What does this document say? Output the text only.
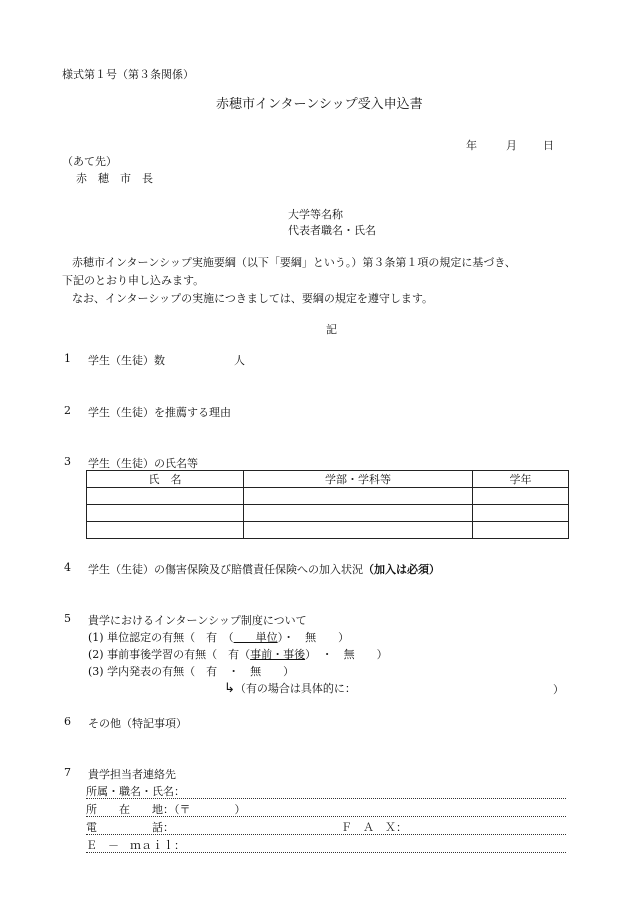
様式第１号（第３条関係）
赤穂市インターンシップ受入申込書
年	月 日
（あて先）
赤　穂　市　長
大学等名称
代表者職名・氏名
赤穂市インターンシップ実施要綱（以下「要綱」という。）第３条第１項の規定に基づき、
下記のとおり申し込みます。
なお、インターシップの実施につきましては、要綱の規定を遵守します。
記
1 学生（生徒）数	人
2 学生（生徒）を推薦する理由
3 学生（生徒）の氏名等
氏　名	学部・学科等	学年

4 学生（生徒）の傷害保険及び賠償責任保険への加入状況（加入は必須）
5 貴学におけるインターンシップ制度について
(1) 単位認定の有無（　有　（　　単位）・　無　　）
(2) 事前事後学習の有無（　有（事前・事後）　・　無　　）
(3) 学内発表の有無（　有　・　無　　）
↳（有の場合は具体的に：	）
6 その他（特記事項）
7 貴学担当者連絡先
所属・職名・氏名：
所　　在　　地：（〒　　　　）
電　　　　　話：	Ｆ　Ａ　Ｘ：
Ｅ　－　ｍａｉｌ：
